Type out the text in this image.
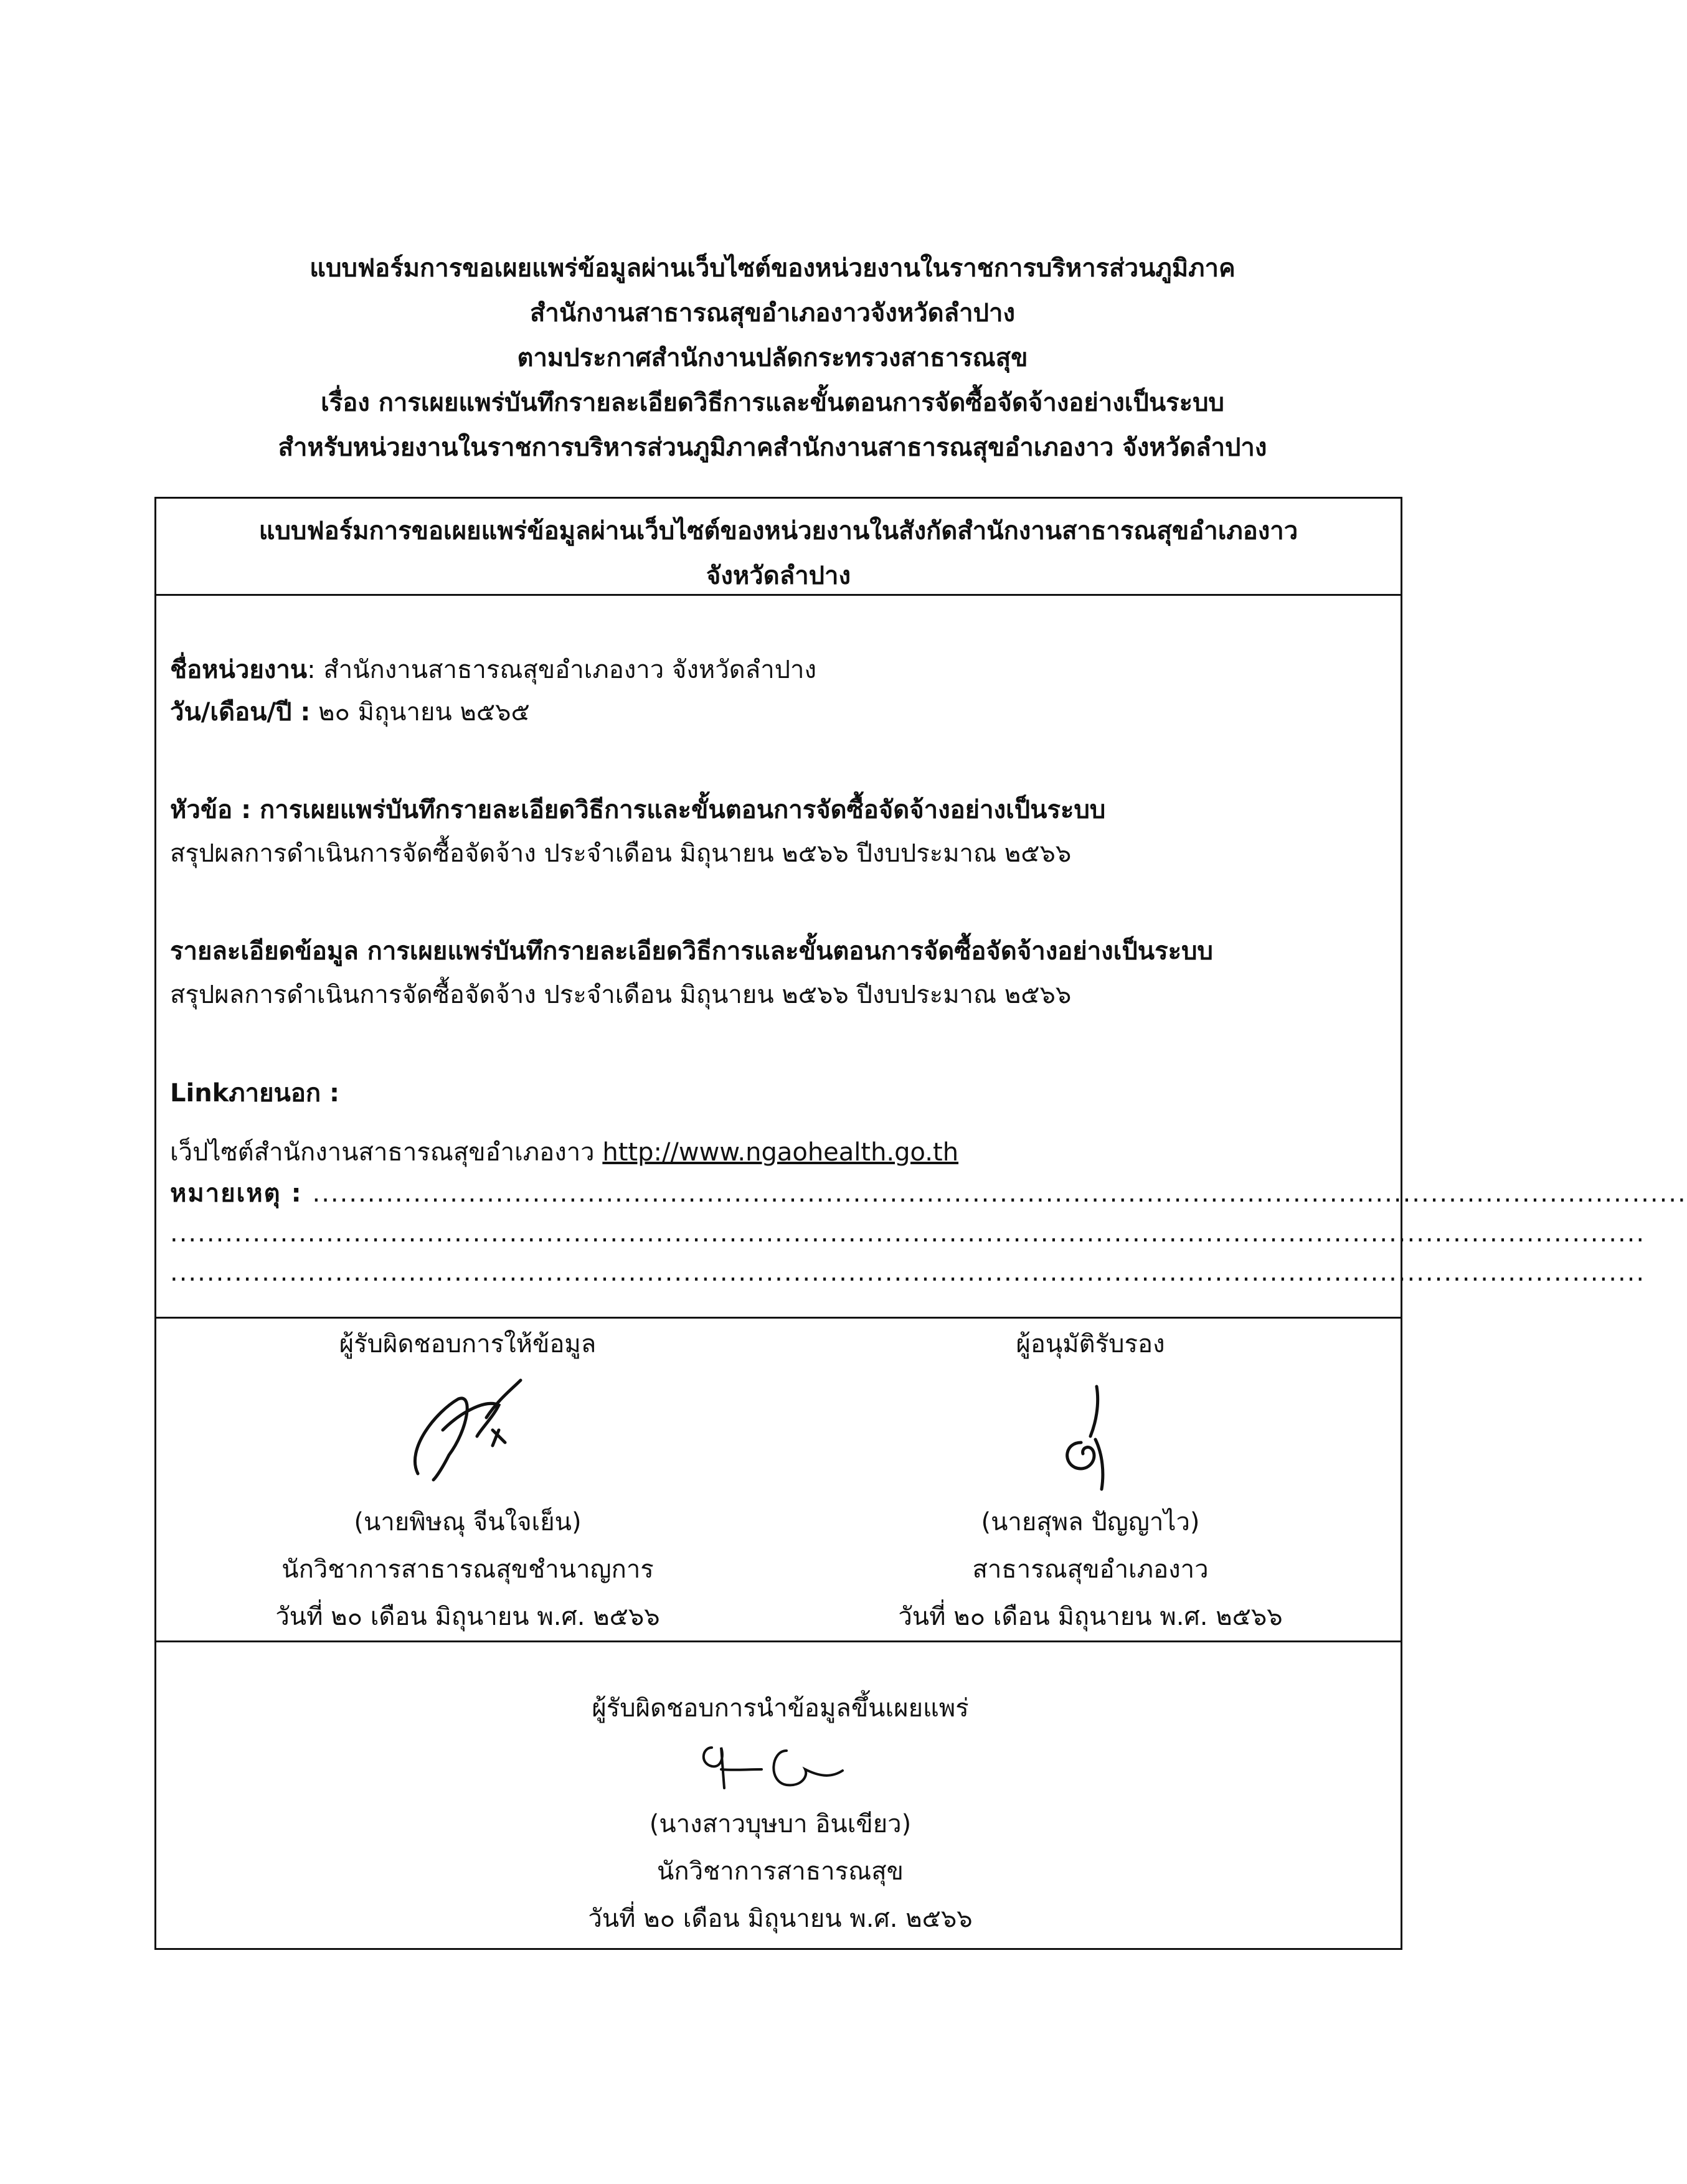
แบบฟอร์มการขอเผยแพร่ข้อมูลผ่านเว็บไซต์ของหน่วยงานในราชการบริหารส่วนภูมิภาค
สำนักงานสาธารณสุขอำเภองาวจังหวัดลำปาง
ตามประกาศสำนักงานปลัดกระทรวงสาธารณสุข
เรื่อง การเผยแพร่บันทึกรายละเอียดวิธีการและขั้นตอนการจัดซื้อจัดจ้างอย่างเป็นระบบ
สำหรับหน่วยงานในราชการบริหารส่วนภูมิภาคสำนักงานสาธารณสุขอำเภองาว จังหวัดลำปาง
แบบฟอร์มการขอเผยแพร่ข้อมูลผ่านเว็บไซต์ของหน่วยงานในสังกัดสำนักงานสาธารณสุขอำเภองาว
จังหวัดลำปาง
ชื่อหน่วยงาน: สำนักงานสาธารณสุขอำเภองาว จังหวัดลำปาง
วัน/เดือน/ปี : ๒๐ มิถุนายน ๒๕๖๕
หัวข้อ : การเผยแพร่บันทึกรายละเอียดวิธีการและขั้นตอนการจัดซื้อจัดจ้างอย่างเป็นระบบ
สรุปผลการดำเนินการจัดซื้อจัดจ้าง ประจำเดือน มิถุนายน ๒๕๖๖ ปีงบประมาณ ๒๕๖๖
รายละเอียดข้อมูล การเผยแพร่บันทึกรายละเอียดวิธีการและขั้นตอนการจัดซื้อจัดจ้างอย่างเป็นระบบ
สรุปผลการดำเนินการจัดซื้อจัดจ้าง ประจำเดือน มิถุนายน ๒๕๖๖ ปีงบประมาณ ๒๕๖๖
Linkภายนอก :
เว็ปไซต์สำนักงานสาธารณสุขอำเภองาว http://www.ngaohealth.go.th
หมายเหตุ : ......................................................................................................................................................
.................................................................................................................................................................
.................................................................................................................................................................
ผู้รับผิดชอบการให้ข้อมูล
(นายพิษณุ จีนใจเย็น)
นักวิชาการสาธารณสุขชำนาญการ
วันที่ ๒๐ เดือน มิถุนายน พ.ศ. ๒๕๖๖
ผู้อนุมัติรับรอง
(นายสุพล ปัญญาไว)
สาธารณสุขอำเภองาว
วันที่ ๒๐ เดือน มิถุนายน พ.ศ. ๒๕๖๖
ผู้รับผิดชอบการนำข้อมูลขึ้นเผยแพร่
(นางสาวบุษบา อินเขียว)
นักวิชาการสาธารณสุข
วันที่ ๒๐ เดือน มิถุนายน พ.ศ. ๒๕๖๖
